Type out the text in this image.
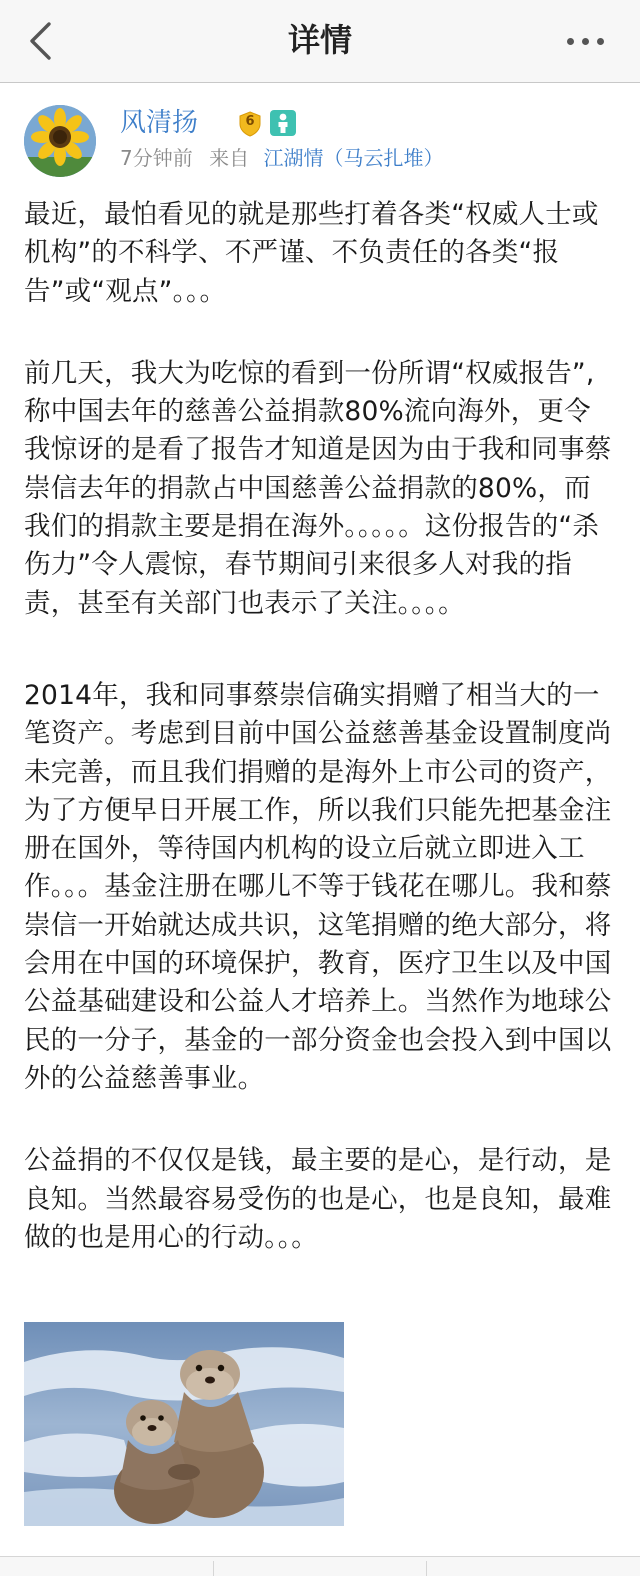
详情
风清扬	6
7分钟前 来自 江湖情（马云扎堆）

最近，最怕看见的就是那些打着各类“权威人士或机构”的不科学、不严谨、不负责任的各类“报告”或“观点”。。。

前几天，我大为吃惊的看到一份所谓“权威报告”,称中国去年的慈善公益捐款80%流向海外，更令我惊讶的是看了报告才知道是因为由于我和同事蔡崇信去年的捐款占中国慈善公益捐款的80%，而我们的捐款主要是捐在海外。。。。。这份报告的“杀伤力”令人震惊，春节期间引来很多人对我的指责，甚至有关部门也表示了关注。。。。

2014年，我和同事蔡崇信确实捐赠了相当大的一笔资产。考虑到目前中国公益慈善基金设置制度尚未完善，而且我们捐赠的是海外上市公司的资产，为了方便早日开展工作，所以我们只能先把基金注册在国外，等待国内机构的设立后就立即进入工作。。。基金注册在哪儿不等于钱花在哪儿。我和蔡崇信一开始就达成共识，这笔捐赠的绝大部分，将会用在中国的环境保护，教育，医疗卫生以及中国公益基础建设和公益人才培养上。当然作为地球公民的一分子，基金的一部分资金也会投入到中国以外的公益慈善事业。

公益捐的不仅仅是钱，最主要的是心，是行动，是良知。当然最容易受伤的也是心，也是良知，最难做的也是用心的行动。。。
